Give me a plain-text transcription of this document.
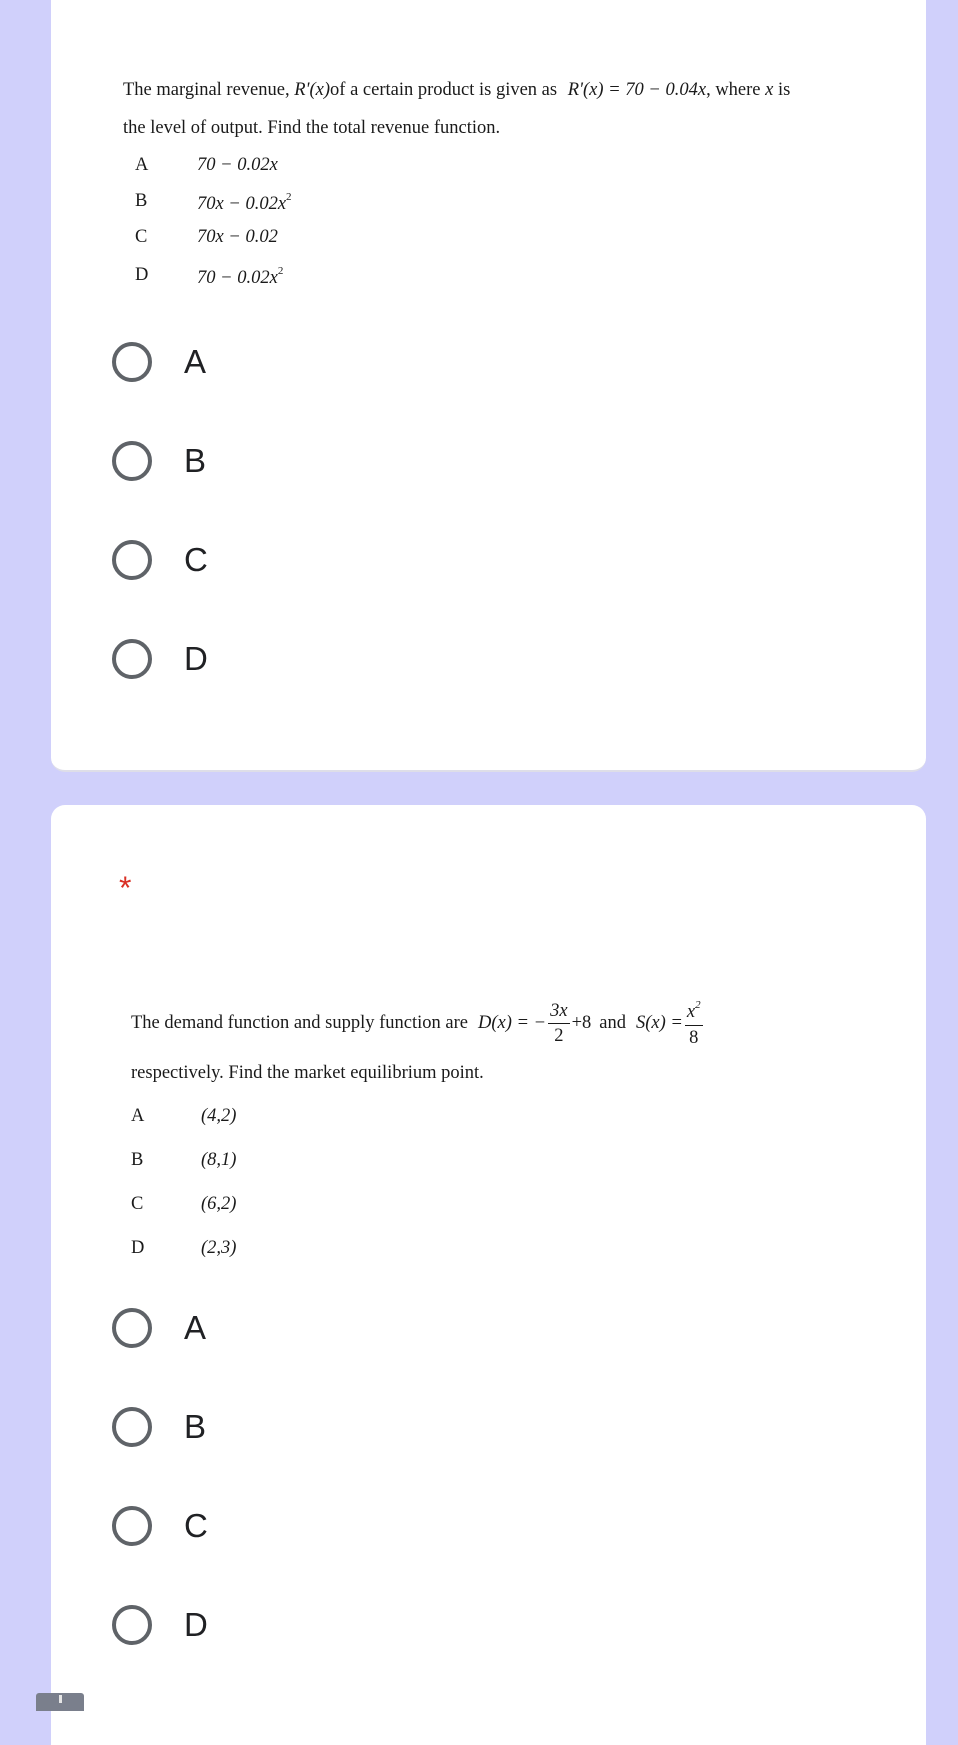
The marginal revenue, R'(x)of a certain product is given as R'(x) = 70 − 0.04x, where x is
the level of output. Find the total revenue function.
A	70 − 0.02x
B	$70x - 0.02x^2$
C	70x − 0.02
D	$70 - 0.02x^2$
A
B
C
D
*
The demand function and supply function are D(x) = − $\frac{3x}{2} +8$ and $S(x) = \frac{x^2}{8}$
respectively. Find the market equilibrium point.
A	(4,2)
B	(8,1)
C	(6,2)
D	(2,3)
A
B
C
D
